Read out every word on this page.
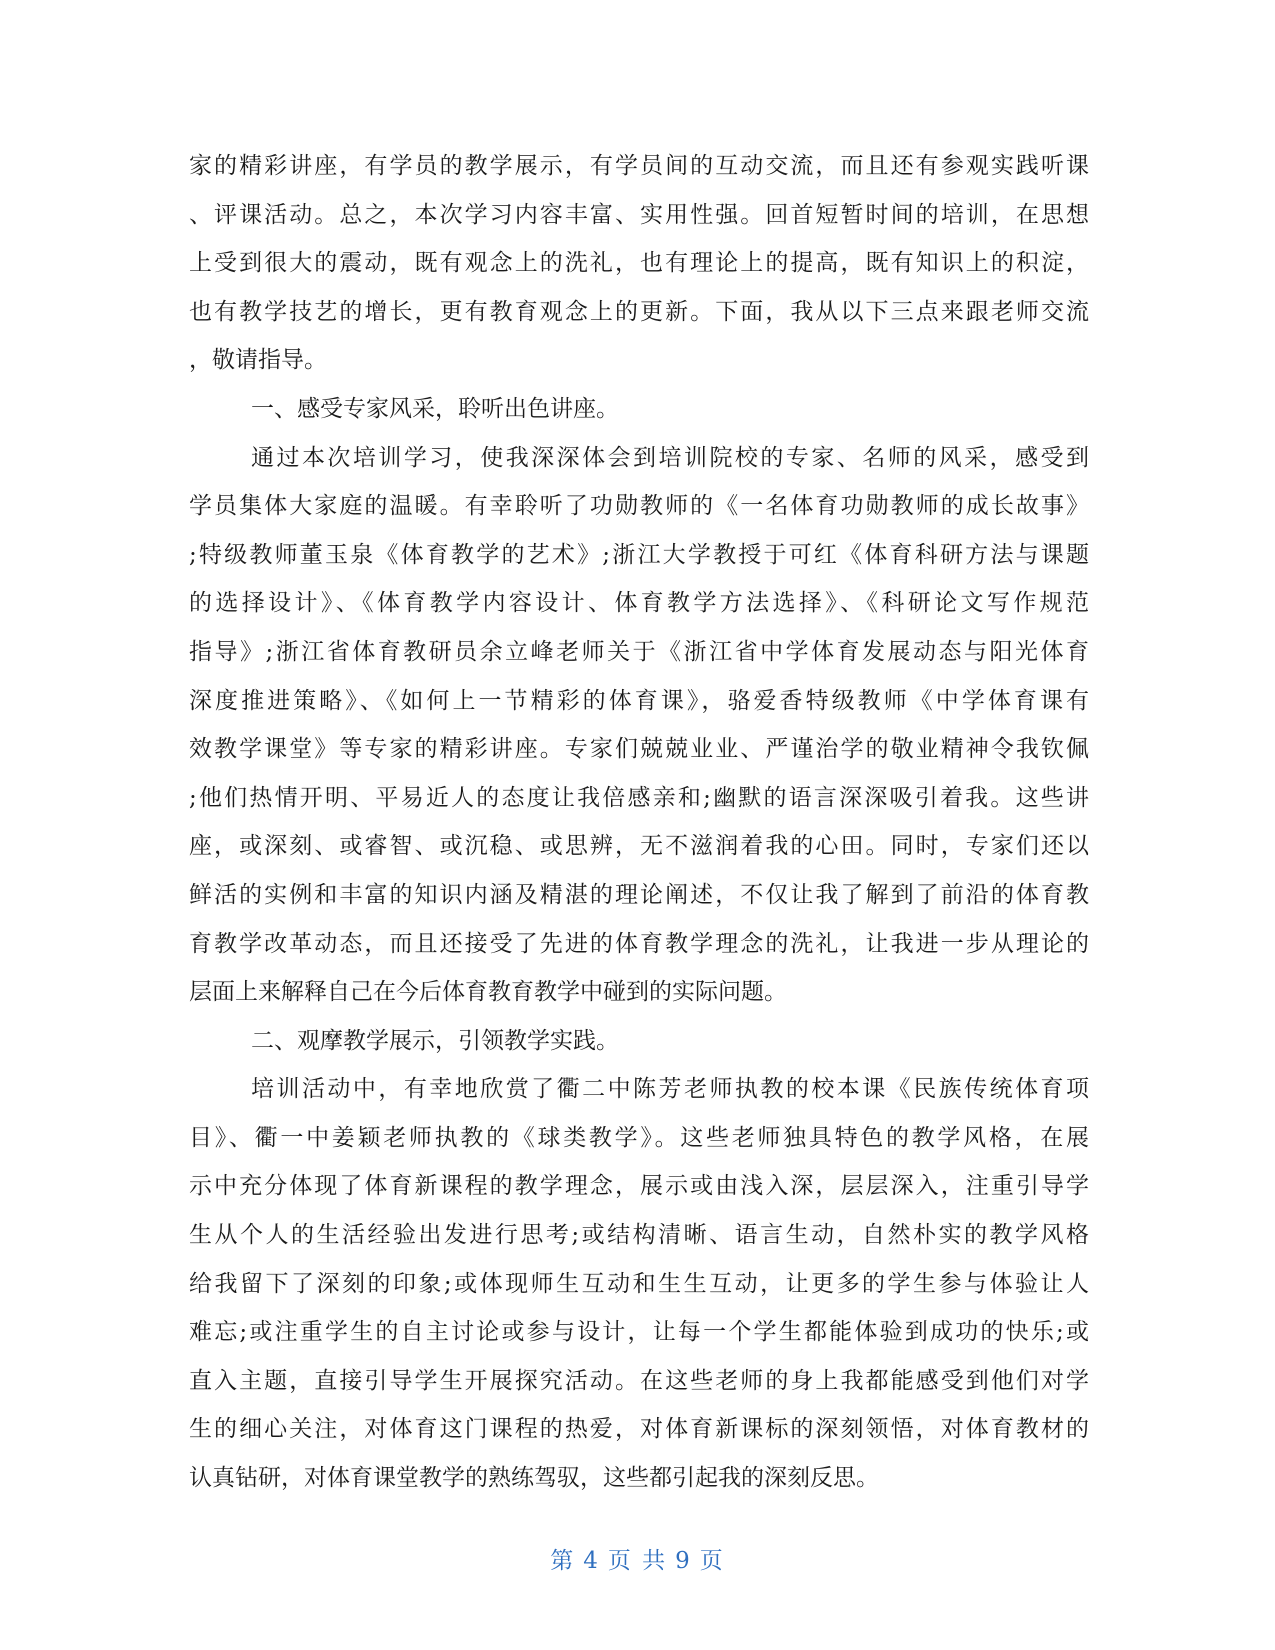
家的精彩讲座，有学员的教学展示，有学员间的互动交流，而且还有参观实践听课
、评课活动。总之，本次学习内容丰富、实用性强。回首短暂时间的培训，在思想
上受到很大的震动，既有观念上的洗礼，也有理论上的提高，既有知识上的积淀，
也有教学技艺的增长，更有教育观念上的更新。下面，我从以下三点来跟老师交流
，敬请指导。
一、感受专家风采，聆听出色讲座。
通过本次培训学习，使我深深体会到培训院校的专家、名师的风采，感受到
学员集体大家庭的温暖。有幸聆听了功勋教师的《一名体育功勋教师的成长故事》
;特级教师董玉泉《体育教学的艺术》;浙江大学教授于可红《体育科研方法与课题
的选择设计》、《体育教学内容设计、体育教学方法选择》、《科研论文写作规范
指导》;浙江省体育教研员余立峰老师关于《浙江省中学体育发展动态与阳光体育
深度推进策略》、《如何上一节精彩的体育课》，骆爱香特级教师《中学体育课有
效教学课堂》等专家的精彩讲座。专家们兢兢业业、严谨治学的敬业精神令我钦佩
;他们热情开明、平易近人的态度让我倍感亲和;幽默的语言深深吸引着我。这些讲
座，或深刻、或睿智、或沉稳、或思辨，无不滋润着我的心田。同时，专家们还以
鲜活的实例和丰富的知识内涵及精湛的理论阐述，不仅让我了解到了前沿的体育教
育教学改革动态，而且还接受了先进的体育教学理念的洗礼，让我进一步从理论的
层面上来解释自己在今后体育教育教学中碰到的实际问题。
二、观摩教学展示，引领教学实践。
培训活动中，有幸地欣赏了衢二中陈芳老师执教的校本课《民族传统体育项
目》、衢一中姜颖老师执教的《球类教学》。这些老师独具特色的教学风格，在展
示中充分体现了体育新课程的教学理念，展示或由浅入深，层层深入，注重引导学
生从个人的生活经验出发进行思考;或结构清晰、语言生动，自然朴实的教学风格
给我留下了深刻的印象;或体现师生互动和生生互动，让更多的学生参与体验让人
难忘;或注重学生的自主讨论或参与设计，让每一个学生都能体验到成功的快乐;或
直入主题，直接引导学生开展探究活动。在这些老师的身上我都能感受到他们对学
生的细心关注，对体育这门课程的热爱，对体育新课标的深刻领悟，对体育教材的
认真钻研，对体育课堂教学的熟练驾驭，这些都引起我的深刻反思。
第 4 页 共 9 页
